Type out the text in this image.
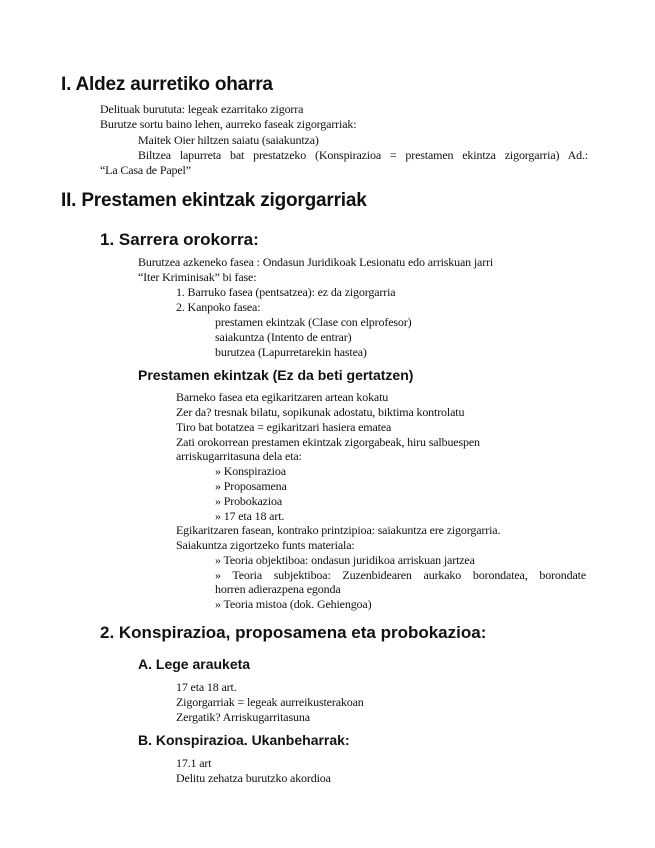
I. Aldez aurretiko oharra
Delituak burututa: legeak ezarritako zigorra
Burutze sortu baino lehen, aurreko faseak zigorgarriak:
Maitek Oier hiltzen saiatu (saiakuntza)
Biltzea lapurreta bat prestatzeko (Konspirazioa = prestamen ekintza zigorgarria) Ad.:
“La Casa de Papel”
II. Prestamen ekintzak zigorgarriak
1. Sarrera orokorra:
Burutzea azkeneko fasea : Ondasun Juridikoak Lesionatu edo arriskuan jarri
“Iter Kriminisak” bi fase:
1. Barruko fasea (pentsatzea): ez da zigorgarria
2. Kanpoko fasea:
prestamen ekintzak (Clase con elprofesor)
saiakuntza (Intento de entrar)
burutzea (Lapurretarekin hastea)
Prestamen ekintzak (Ez da beti gertatzen)
Barneko fasea eta egikaritzaren artean kokatu
Zer da? tresnak bilatu, sopikunak adostatu, biktima kontrolatu
Tiro bat botatzea = egikaritzari hasiera ematea
Zati orokorrean prestamen ekintzak zigorgabeak, hiru salbuespen
arriskugarritasuna dela eta:
» Konspirazioa
» Proposamena
» Probokazioa
» 17 eta 18 art.
Egikaritzaren fasean, kontrako printzipioa: saiakuntza ere zigorgarria.
Saiakuntza zigortzeko funts materiala:
» Teoria objektiboa: ondasun juridikoa arriskuan jartzea
» Teoria subjektiboa: Zuzenbidearen aurkako borondatea, borondate
horren adierazpena egonda
» Teoria mistoa (dok. Gehiengoa)
2. Konspirazioa, proposamena eta probokazioa:
A. Lege arauketa
17 eta 18 art.
Zigorgarriak = legeak aurreikusterakoan
Zergatik? Arriskugarritasuna
B. Konspirazioa. Ukanbeharrak:
17.1 art
Delitu zehatza burutzko akordioa
